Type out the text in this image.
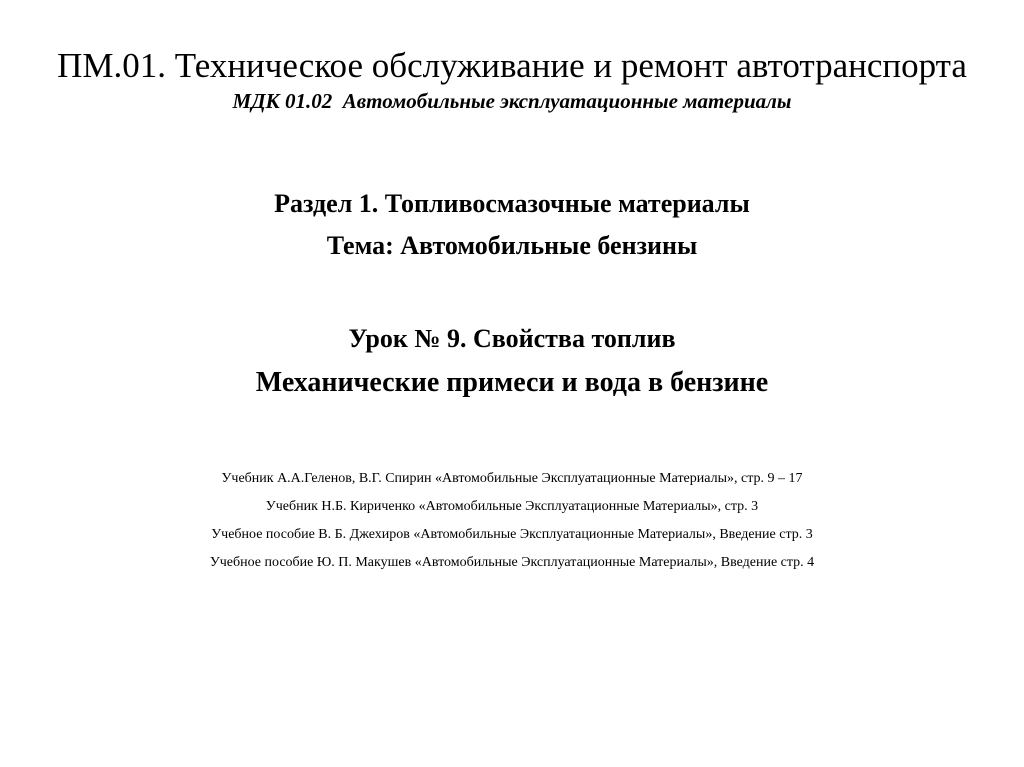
ПМ.01. Техническое обслуживание и ремонт автотранспорта

МДК 01.02  Автомобильные эксплуатационные материалы

Раздел 1. Топливосмазочные материалы

Тема: Автомобильные бензины

Урок № 9. Свойства топлив

Механические примеси и вода в бензине

Учебник А.А.Геленов, В.Г. Спирин «Автомобильные Эксплуатационные Материалы», стр. 9 – 17

Учебник Н.Б. Кириченко «Автомобильные Эксплуатационные Материалы», стр. 3

Учебное пособие В. Б. Джехиров «Автомобильные Эксплуатационные Материалы», Введение стр. 3

Учебное пособие Ю. П. Макушев «Автомобильные Эксплуатационные Материалы», Введение стр. 4
